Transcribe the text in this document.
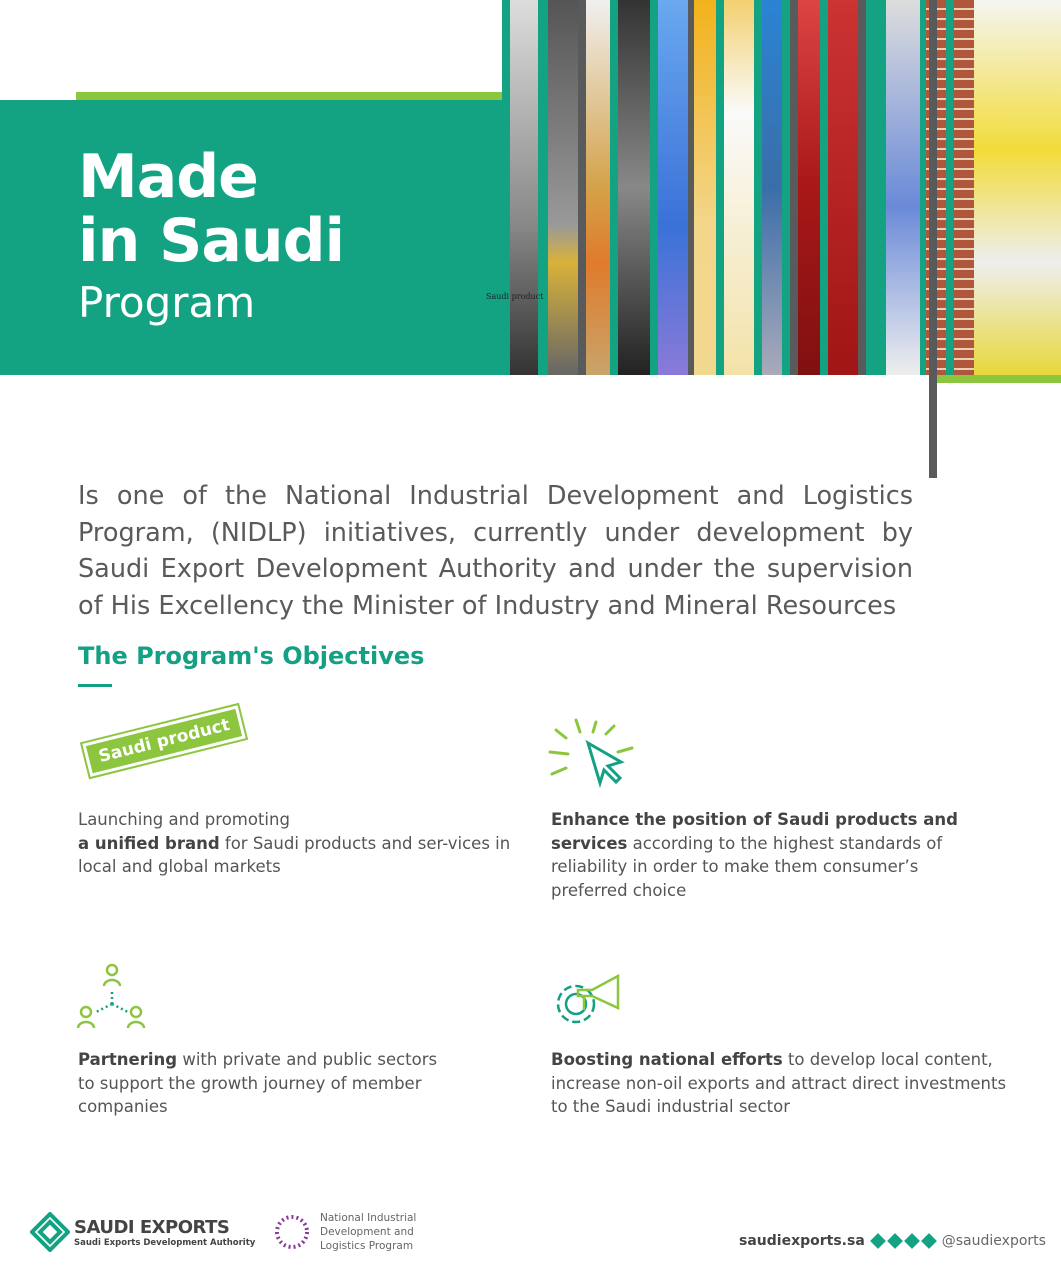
Made
in Saudi
Program	Saudi product

Is one of the National Industrial Development and Logistics Program, (NIDLP) initiatives, currently under development by Saudi Export Development Authority and under the supervision of His Excellency the Minister of Industry and Mineral Resources

The Program's Objectives
Saudi product
Launching and promoting
a unified brand for Saudi products and ser-vices in local and global markets
Enhance the position of Saudi products and services according to the highest standards of reliability in order to make them consumer’s preferred choice
Partnering with private and public sectors to support the growth journey of member companies
Boosting national efforts to develop local content, increase non-oil exports and attract direct investments to the Saudi industrial sector
SAUDI EXPORTS
Saudi Exports Development Authority
National Industrial
Development and
Logistics Program	saudiexports.sa	@saudiexports
